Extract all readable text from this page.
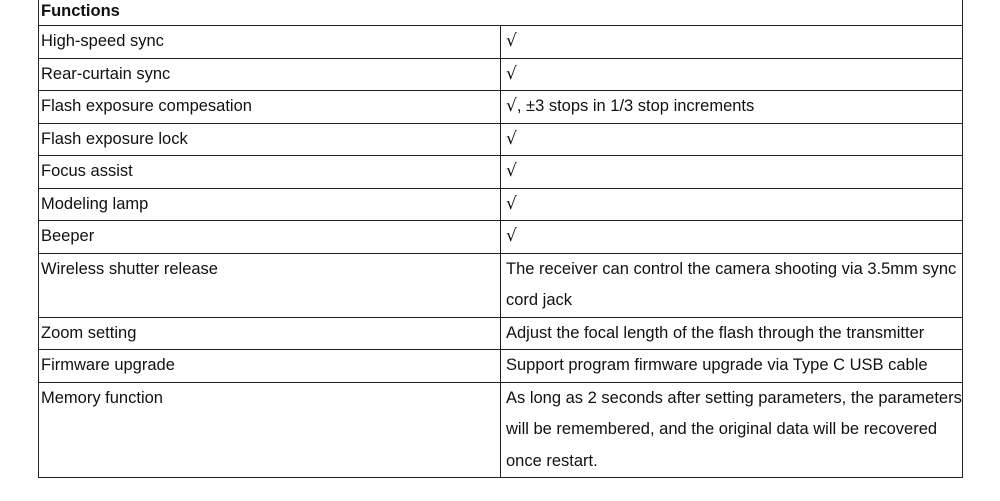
Functions	
High-speed sync	√
Rear-curtain sync	√
Flash exposure compesation	√, ±3 stops in 1/3 stop increments
Flash exposure lock	√
Focus assist	√
Modeling lamp	√
Beeper	√
Wireless shutter release	The receiver can control the camera shooting via 3.5mm sync cord jack
Zoom setting	Adjust the focal length of the flash through the transmitter
Firmware upgrade	Support program firmware upgrade via Type C USB cable
Memory function	As long as 2 seconds after setting parameters, the parameters will be remembered, and the original data will be recovered once restart.
